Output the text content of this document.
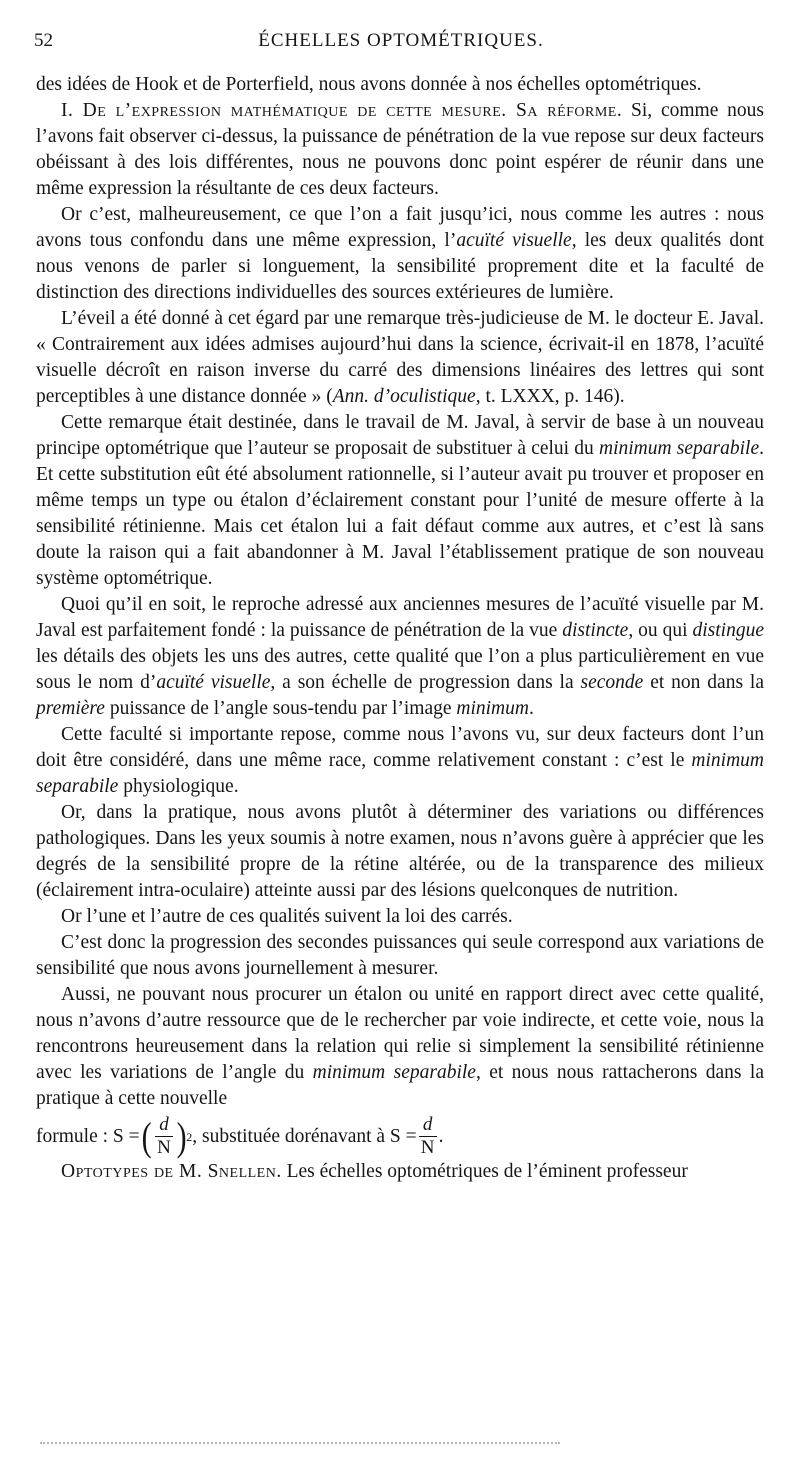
52	ÉCHELLES OPTOMÉTRIQUES.

des idées de Hook et de Porterfield, nous avons donnée à nos échelles optométriques.

I. De l’expression mathématique de cette mesure. Sa réforme. Si, comme nous l’avons fait observer ci-dessus, la puissance de pénétration de la vue repose sur deux facteurs obéissant à des lois différentes, nous ne pouvons donc point espérer de réunir dans une même expression la résultante de ces deux facteurs.

Or c’est, malheureusement, ce que l’on a fait jusqu’ici, nous comme les autres : nous avons tous confondu dans une même expression, l’acuïté visuelle, les deux qualités dont nous venons de parler si longuement, la sensibilité proprement dite et la faculté de distinction des directions individuelles des sources extérieures de lumière.

L’éveil a été donné à cet égard par une remarque très-judicieuse de M. le docteur E. Javal. « Contrairement aux idées admises aujourd’hui dans la science, écrivait-il en 1878, l’acuïté visuelle décroît en raison inverse du carré des dimensions linéaires des lettres qui sont perceptibles à une distance donnée » (Ann. d’oculistique, t. LXXX, p. 146).

Cette remarque était destinée, dans le travail de M. Javal, à servir de base à un nouveau principe optométrique que l’auteur se proposait de substituer à celui du minimum separabile. Et cette substitution eût été absolument rationnelle, si l’auteur avait pu trouver et proposer en même temps un type ou étalon d’éclairement constant pour l’unité de mesure offerte à la sensibilité rétinienne. Mais cet étalon lui a fait défaut comme aux autres, et c’est là sans doute la raison qui a fait abandonner à M. Javal l’établissement pratique de son nouveau système optométrique.

Quoi qu’il en soit, le reproche adressé aux anciennes mesures de l’acuïté visuelle par M. Javal est parfaitement fondé : la puissance de pénétration de la vue distincte, ou qui distingue les détails des objets les uns des autres, cette qualité que l’on a plus particulièrement en vue sous le nom d’acuïté visuelle, a son échelle de progression dans la seconde et non dans la première puissance de l’angle sous-tendu par l’image minimum.

Cette faculté si importante repose, comme nous l’avons vu, sur deux facteurs dont l’un doit être considéré, dans une même race, comme relativement constant : c’est le minimum separabile physiologique.

Or, dans la pratique, nous avons plutôt à déterminer des variations ou différences pathologiques. Dans les yeux soumis à notre examen, nous n’avons guère à apprécier que les degrés de la sensibilité propre de la rétine altérée, ou de la transparence des milieux (éclairement intra-oculaire) atteinte aussi par des lésions quelconques de nutrition.

Or l’une et l’autre de ces qualités suivent la loi des carrés.

C’est donc la progression des secondes puissances qui seule correspond aux variations de sensibilité que nous avons journellement à mesurer.

Aussi, ne pouvant nous procurer un étalon ou unité en rapport direct avec cette qualité, nous n’avons d’autre ressource que de le rechercher par voie indirecte, et cette voie, nous la rencontrons heureusement dans la relation qui relie si simplement la sensibilité rétinienne avec les variations de l’angle du minimum separabile, et nous nous rattacherons dans la pratique à cette nouvelle

formule : S = ( $\frac{d}{N}$ ) 2 , substituée dorénavant à $S = \frac{d}{N}$ .

Optotypes de M. Snellen. Les échelles optométriques de l’éminent professeur
